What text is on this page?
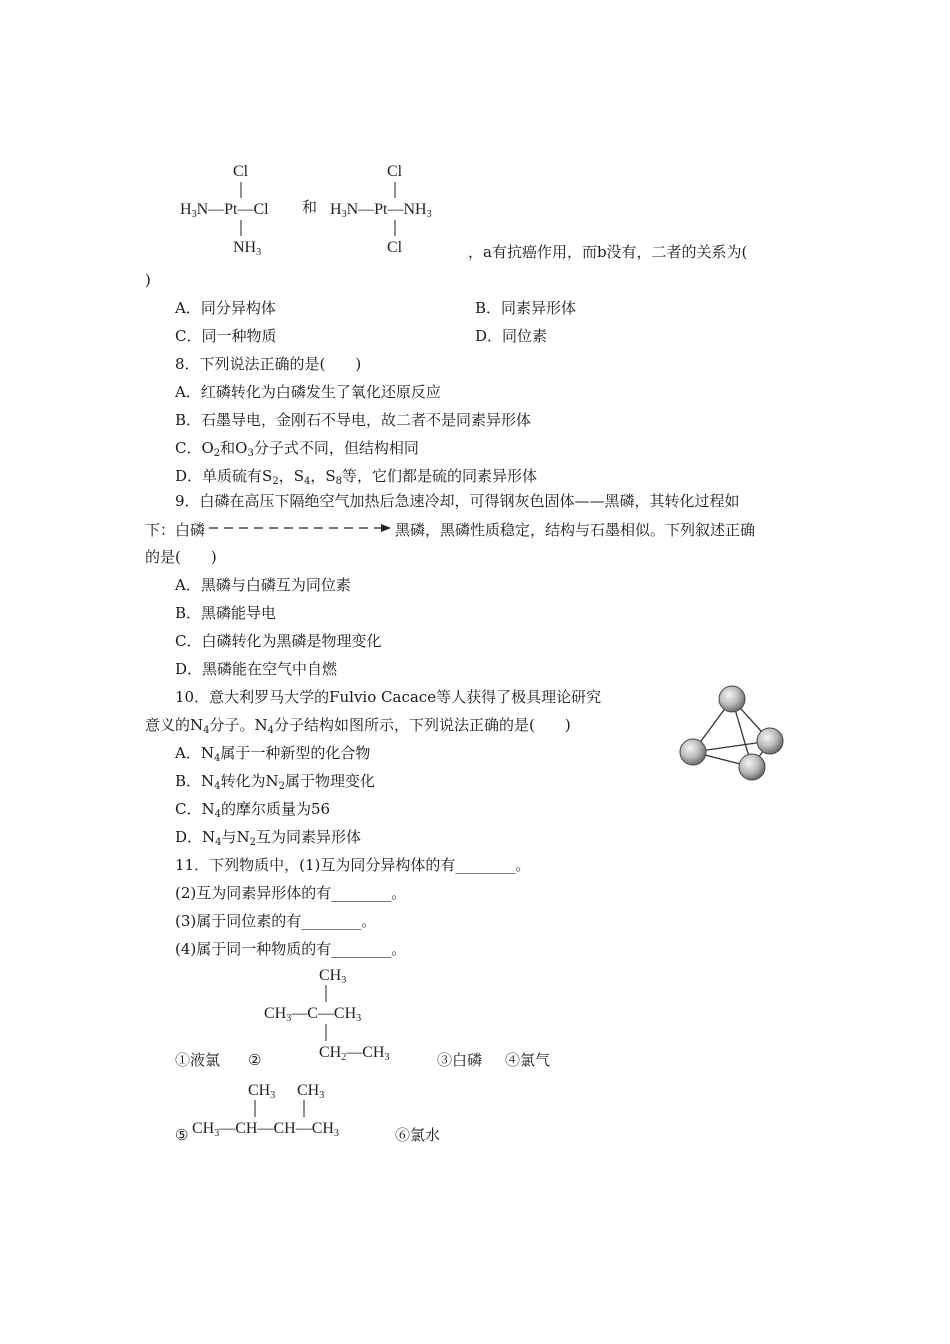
Cl
H3N—Pt—Cl
NH3
和
Cl
H3N—Pt—NH3
Cl	，a有抗癌作用，而b没有，二者的关系为(
)
A．同分异构体	B．同素异形体
C．同一种物质	D．同位素
8．下列说法正确的是(　　)
A．红磷转化为白磷发生了氧化还原反应
B．石墨导电，金刚石不导电，故二者不是同素异形体
C．$O_2$和$O_3$分子式不同，但结构相同
D．单质硫有$S_2$，$S_4$，$S_8$等，它们都是硫的同素异形体
9．白磷在高压下隔绝空气加热后急速冷却，可得钢灰色固体——黑磷，其转化过程如
下：白磷	黑磷，黑磷性质稳定，结构与石墨相似。下列叙述正确
的是(　　)
A．黑磷与白磷互为同位素
B．黑磷能导电
C．白磷转化为黑磷是物理变化
D．黑磷能在空气中自燃
10．意大利罗马大学的Fulvio Cacace等人获得了极具理论研究
意义的$N_4$分子。$N_4$分子结构如图所示，下列说法正确的是(　　)
A．$N_4$属于一种新型的化合物
B．$N_4$转化为$N_2$属于物理变化
C．$N_4$的摩尔质量为56
D．$N_4$与$N_2$互为同素异形体
11．下列物质中，(1)互为同分异构体的有________。
(2)互为同素异形体的有________。
(3)属于同位素的有________。
(4)属于同一种物质的有________。
①液氯 ②
CH3
CH3—C—CH3
CH2—CH3	③白磷 ④氯气
⑤
CH3 CH3
CH3—CH—CH—CH3	⑥氯水
